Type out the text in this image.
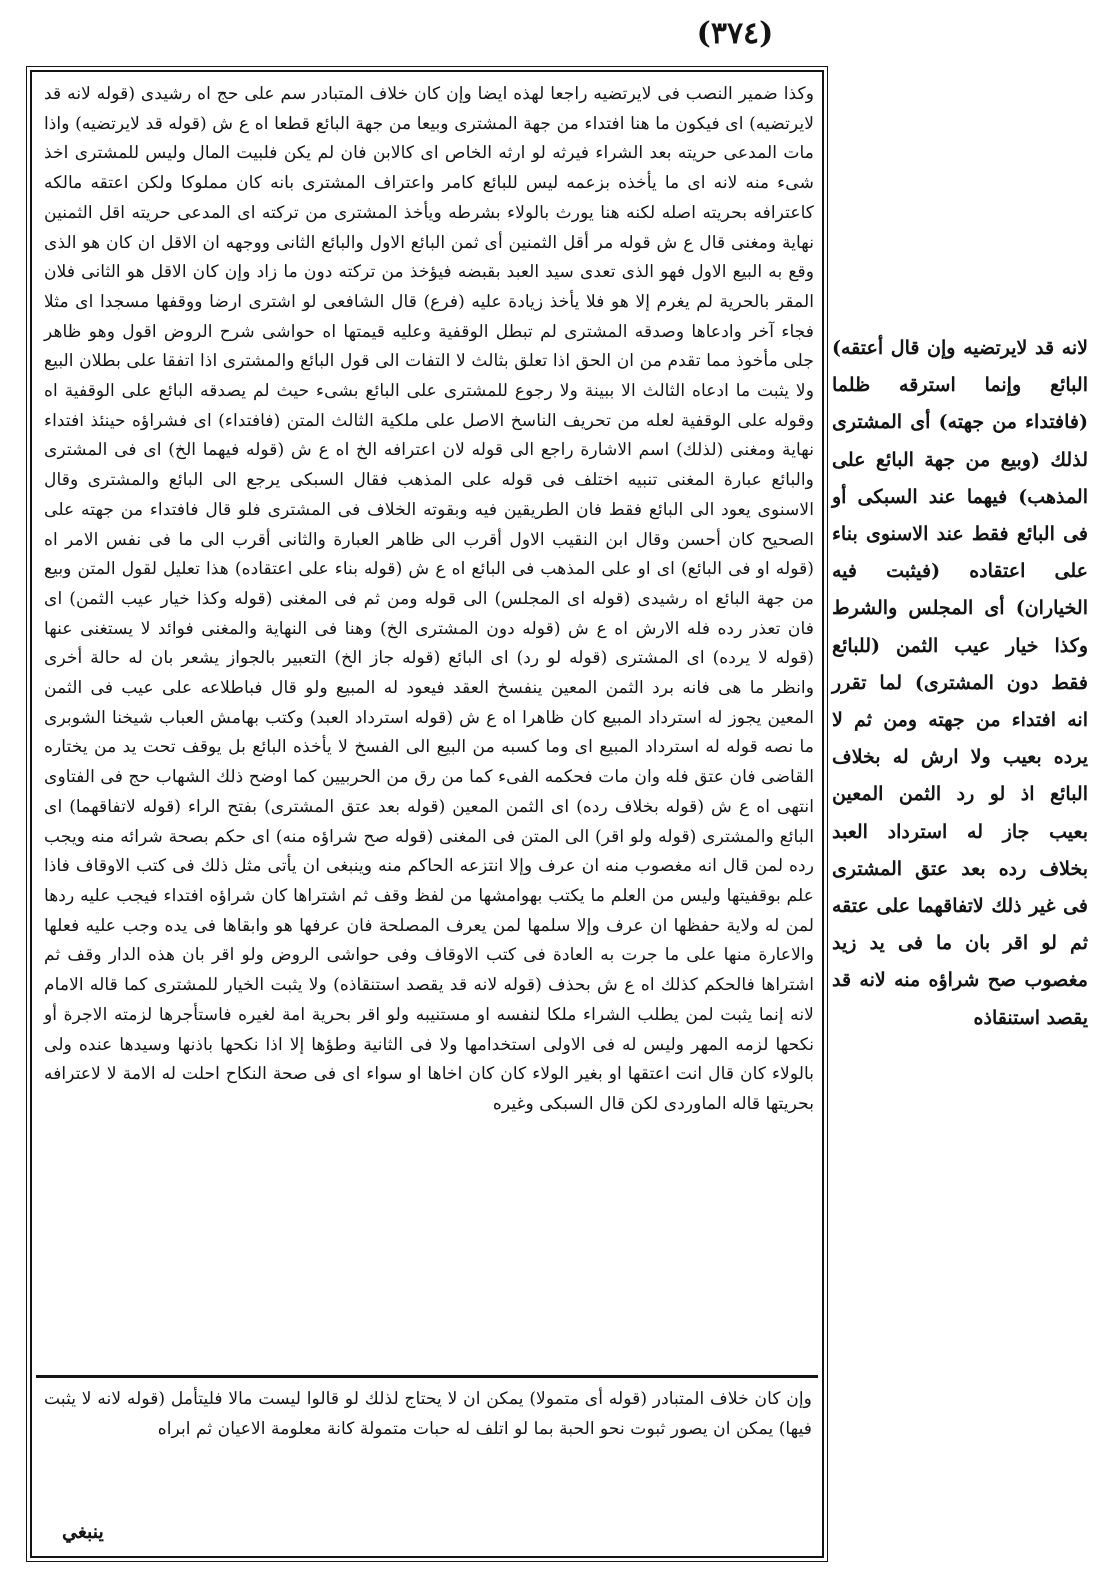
(٣٧٤)

وكذا ضمير النصب فى لايرتضيه راجعا لهذه ايضا وإن كان خلاف المتبادر سم على حج اه رشيدى (قوله لانه قد لايرتضيه) اى فيكون ما هنا افتداء من جهة المشترى وبيعا من جهة البائع قطعا اه ع ش (قوله قد لايرتضيه) واذا مات المدعى حريته بعد الشراء فيرثه لو ارثه الخاص اى كالابن فان لم يكن فلبيت المال وليس للمشترى اخذ شىء منه لانه اى ما يأخذه بزعمه ليس للبائع كامر واعتراف المشترى بانه كان مملوكا ولكن اعتقه مالكه كاعترافه بحريته اصله لكنه هنا يورث بالولاء بشرطه ويأخذ المشترى من تركته اى المدعى حريته اقل الثمنين نهاية ومغنى قال ع ش قوله مر أقل الثمنين أى ثمن البائع الاول والبائع الثانى ووجهه ان الاقل ان كان هو الذى وقع به البيع الاول فهو الذى تعدى سيد العبد بقبضه فيؤخذ من تركته دون ما زاد وإن كان الاقل هو الثانى فلان المقر بالحرية لم يغرم إلا هو فلا يأخذ زيادة عليه (فرع) قال الشافعى لو اشترى ارضا ووقفها مسجدا اى مثلا فجاء آخر وادعاها وصدقه المشترى لم تبطل الوقفية وعليه قيمتها اه حواشى شرح الروض اقول وهو ظاهر جلى مأخوذ مما تقدم من ان الحق اذا تعلق بثالث لا التفات الى قول البائع والمشترى اذا اتفقا على بطلان البيع ولا يثبت ما ادعاه الثالث الا ببينة ولا رجوع للمشترى على البائع بشىء حيث لم يصدقه البائع على الوقفية اه وقوله على الوقفية لعله من تحريف الناسخ الاصل على ملكية الثالث المتن (فافتداء) اى فشراؤه حينئذ افتداء نهاية ومغنى (لذلك) اسم الاشارة راجع الى قوله لان اعترافه الخ اه ع ش (قوله فيهما الخ) اى فى المشترى والبائع عبارة المغنى تنبيه اختلف فى قوله على المذهب فقال السبكى يرجع الى البائع والمشترى وقال الاسنوى يعود الى البائع فقط فان الطريقين فيه وبقوته الخلاف فى المشترى فلو قال فافتداء من جهته على الصحيح كان أحسن وقال ابن النقيب الاول أقرب الى ظاهر العبارة والثانى أقرب الى ما فى نفس الامر اه (قوله او فى البائع) اى او على المذهب فى البائع اه ع ش (قوله بناء على اعتقاده) هذا تعليل لقول المتن وبيع من جهة البائع اه رشيدى (قوله اى المجلس) الى قوله ومن ثم فى المغنى (قوله وكذا خيار عيب الثمن) اى فان تعذر رده فله الارش اه ع ش (قوله دون المشترى الخ) وهنا فى النهاية والمغنى فوائد لا يستغنى عنها (قوله لا يرده) اى المشترى (قوله لو رد) اى البائع (قوله جاز الخ) التعبير بالجواز يشعر بان له حالة أخرى وانظر ما هى فانه برد الثمن المعين ينفسخ العقد فيعود له المبيع ولو قال فباطلاعه على عيب فى الثمن المعين يجوز له استرداد المبيع كان ظاهرا اه ع ش (قوله استرداد العبد) وكتب بهامش العباب شيخنا الشوبرى ما نصه قوله له استرداد المبيع اى وما كسبه من البيع الى الفسخ لا يأخذه البائع بل يوقف تحت يد من يختاره القاضى فان عتق فله وان مات فحكمه الفىء كما من رق من الحربيين كما اوضح ذلك الشهاب حج فى الفتاوى انتهى اه ع ش (قوله بخلاف رده) اى الثمن المعين (قوله بعد عتق المشترى) بفتح الراء (قوله لاتفاقهما) اى البائع والمشترى (قوله ولو اقر) الى المتن فى المغنى (قوله صح شراؤه منه) اى حكم بصحة شرائه منه ويجب رده لمن قال انه مغصوب منه ان عرف وإلا انتزعه الحاكم منه وينبغى ان يأتى مثل ذلك فى كتب الاوقاف فاذا علم بوقفيتها وليس من العلم ما يكتب بهوامشها من لفظ وقف ثم اشتراها كان شراؤه افتداء فيجب عليه ردها لمن له ولاية حفظها ان عرف وإلا سلمها لمن يعرف المصلحة فان عرفها هو وابقاها فى يده وجب عليه فعلها والاعارة منها على ما جرت به العادة فى كتب الاوقاف وفى حواشى الروض ولو اقر بان هذه الدار وقف ثم اشتراها فالحكم كذلك اه ع ش بحذف (قوله لانه قد يقصد استنقاذه) ولا يثبت الخيار للمشترى كما قاله الامام لانه إنما يثبت لمن يطلب الشراء ملكا لنفسه او مستنيبه ولو اقر بحرية امة لغيره فاستأجرها لزمته الاجرة أو نكحها لزمه المهر وليس له فى الاولى استخدامها ولا فى الثانية وطؤها إلا اذا نكحها باذنها وسيدها عنده ولى بالولاء كان قال انت اعتقها او بغير الولاء كان كان اخاها او سواء اى فى صحة النكاح احلت له الامة لا لاعترافه بحريتها قاله الماوردى لكن قال السبكى وغيره

وإن كان خلاف المتبادر (قوله أى متمولا) يمكن ان لا يحتاج لذلك لو قالوا ليست مالا فليتأمل (قوله لانه لا يثبت فيها) يمكن ان يصور ثبوت نحو الحبة بما لو اتلف له حبات متمولة كانة معلومة الاعيان ثم ابراه

لانه قد لايرتضيه وإن قال أعتقه) البائع وإنما استرقه ظلما (فافتداء من جهته) أى المشترى لذلك (وبيع من جهة البائع على المذهب) فيهما عند السبكى أو فى البائع فقط عند الاسنوى بناء على اعتقاده (فيثبت فيه الخياران) أى المجلس والشرط وكذا خيار عيب الثمن (للبائع فقط دون المشترى) لما تقرر انه افتداء من جهته ومن ثم لا يرده بعيب ولا ارش له بخلاف البائع اذ لو رد الثمن المعين بعيب جاز له استرداد العبد بخلاف رده بعد عتق المشترى فى غير ذلك لاتفاقهما على عتقه ثم لو اقر بان ما فى يد زيد مغصوب صح شراؤه منه لانه قد يقصد استنقاذه

ينبغي
